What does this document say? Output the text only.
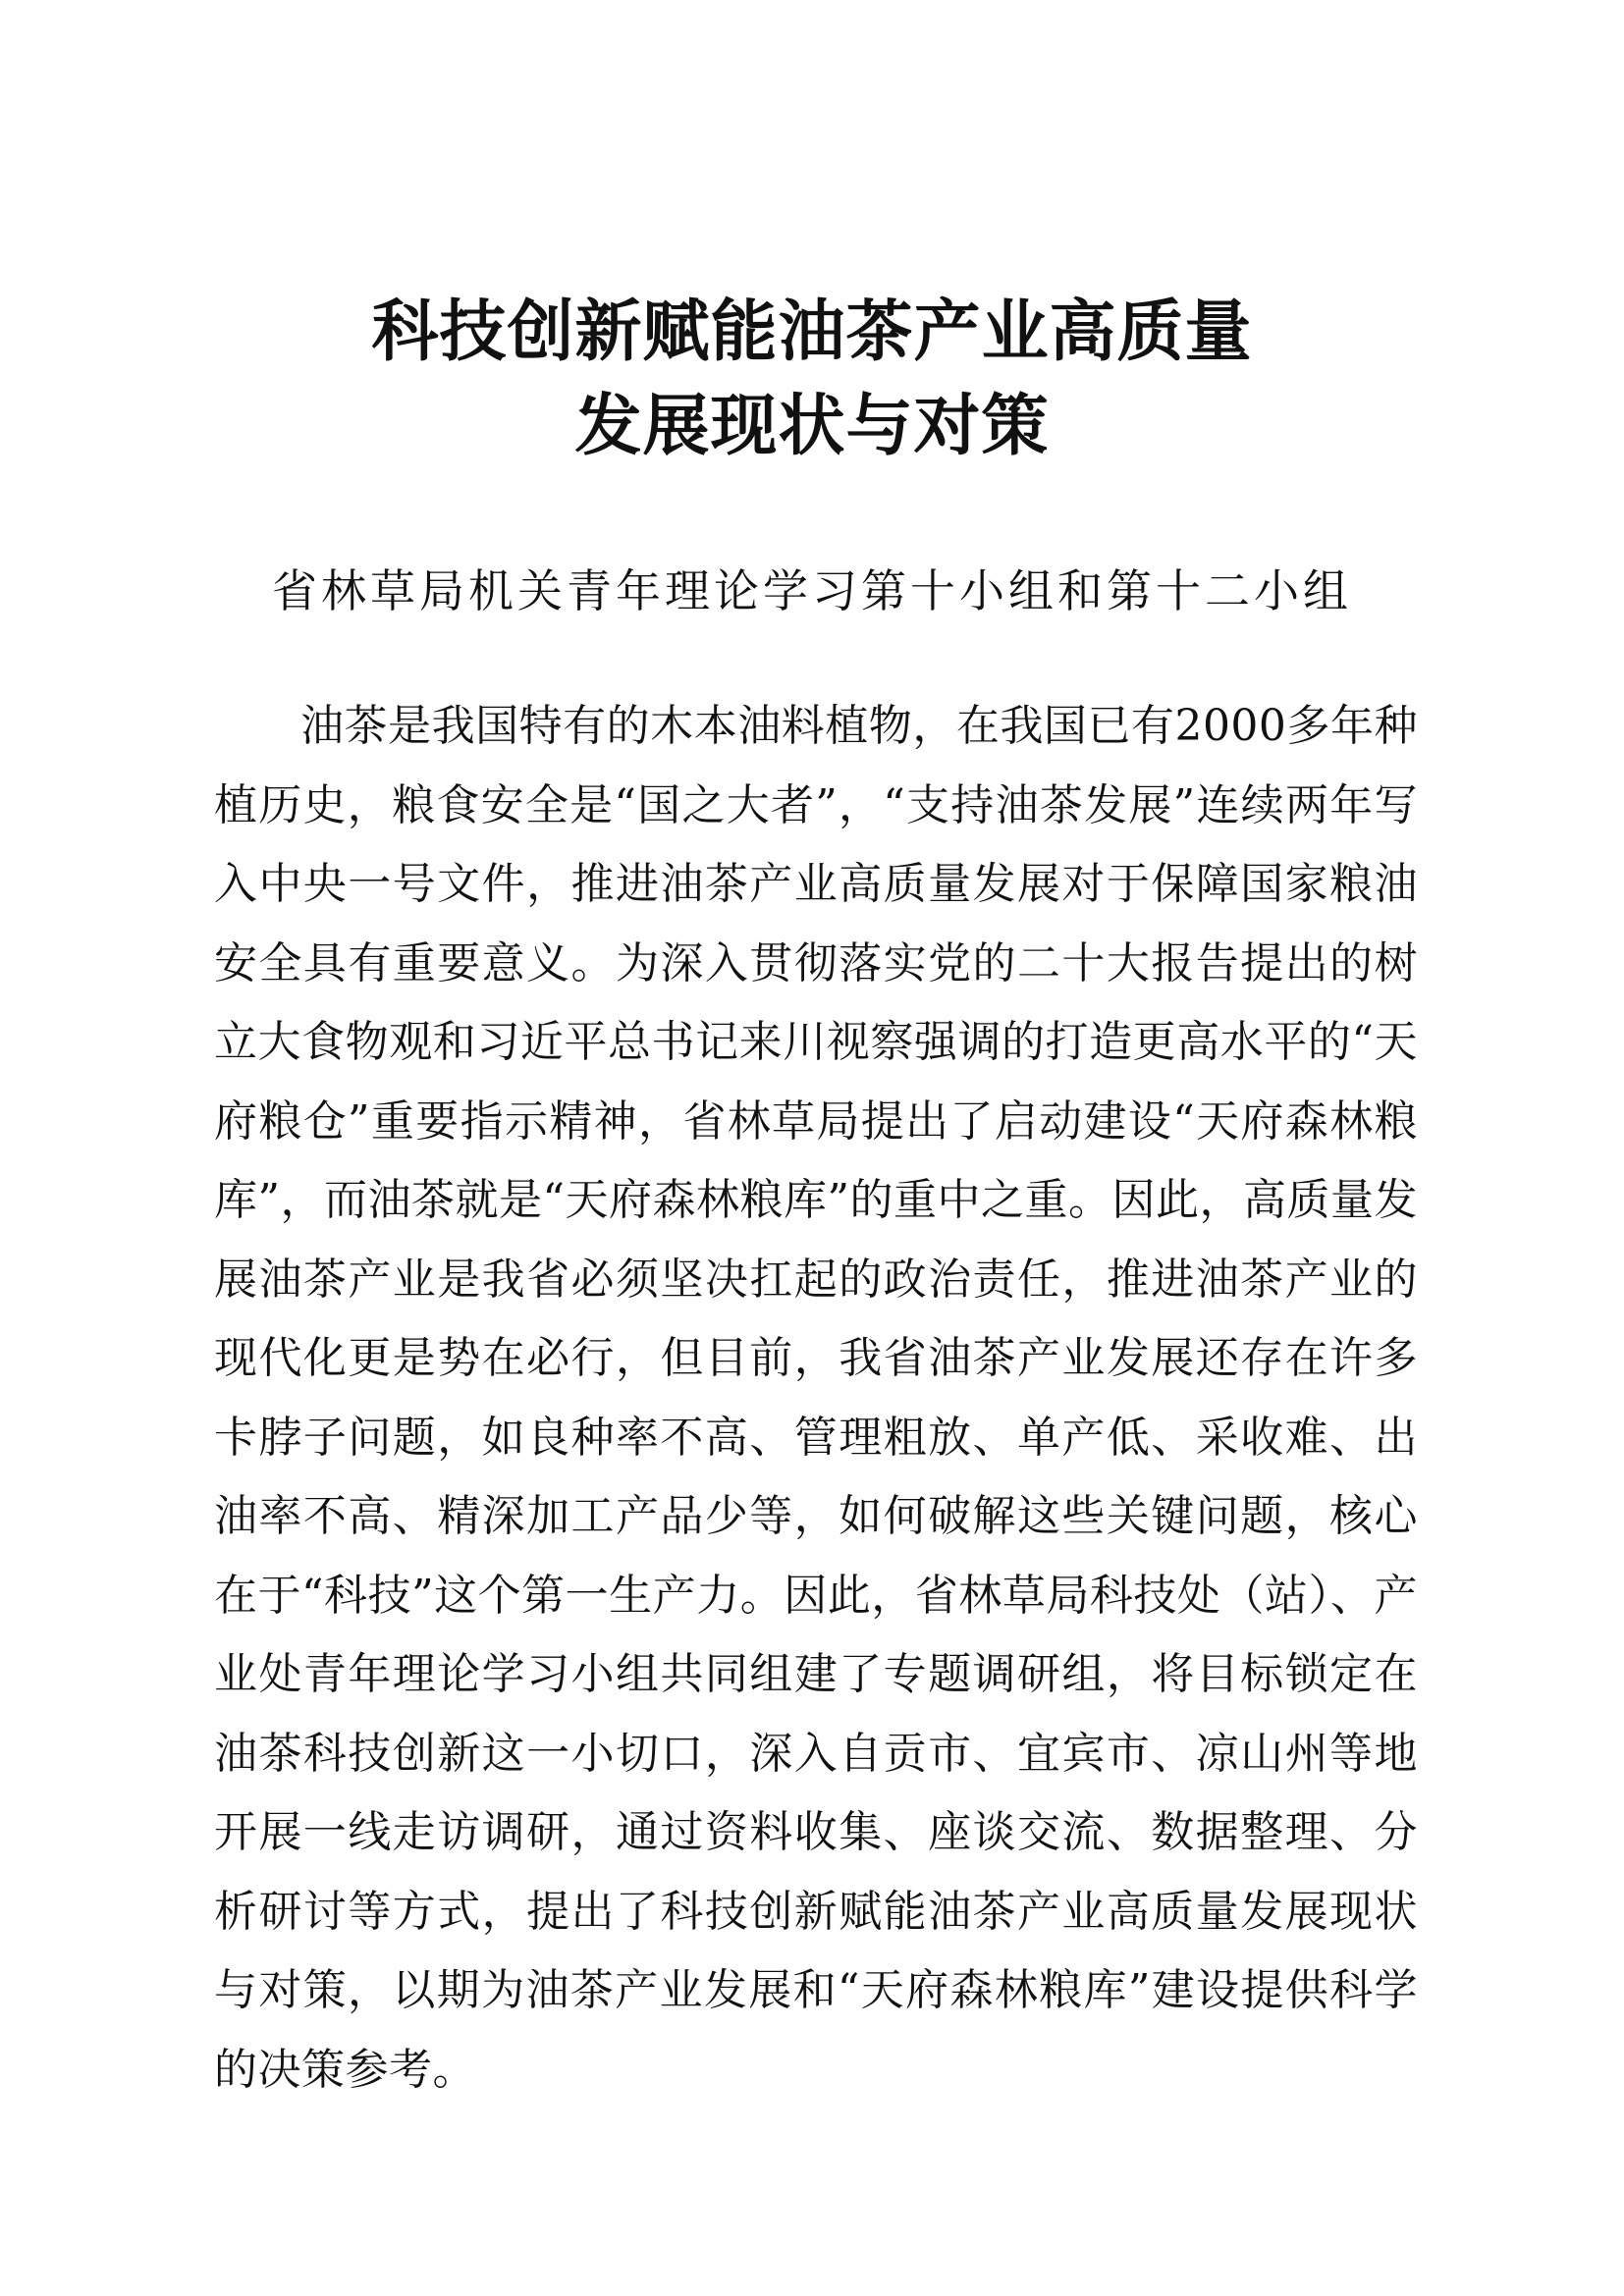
科技创新赋能油茶产业高质量
发展现状与对策
省林草局机关青年理论学习第十小组和第十二小组

油茶是我国特有的木本油料植物，在我国已有2000多年种植历史，粮食安全是“国之大者”，“支持油茶发展”连续两年写入中央一号文件，推进油茶产业高质量发展对于保障国家粮油安全具有重要意义。为深入贯彻落实党的二十大报告提出的树立大食物观和习近平总书记来川视察强调的打造更高水平的“天府粮仓”重要指示精神，省林草局提出了启动建设“天府森林粮库”，而油茶就是“天府森林粮库”的重中之重。因此，高质量发展油茶产业是我省必须坚决扛起的政治责任，推进油茶产业的现代化更是势在必行，但目前，我省油茶产业发展还存在许多卡脖子问题，如良种率不高、管理粗放、单产低、采收难、出油率不高、精深加工产品少等，如何破解这些关键问题，核心在于“科技”这个第一生产力。因此，省林草局科技处（站）、产业处青年理论学习小组共同组建了专题调研组，将目标锁定在油茶科技创新这一小切口，深入自贡市、宜宾市、凉山州等地开展一线走访调研，通过资料收集、座谈交流、数据整理、分析研讨等方式，提出了科技创新赋能油茶产业高质量发展现状与对策，以期为油茶产业发展和“天府森林粮库”建设提供科学的决策参考。
